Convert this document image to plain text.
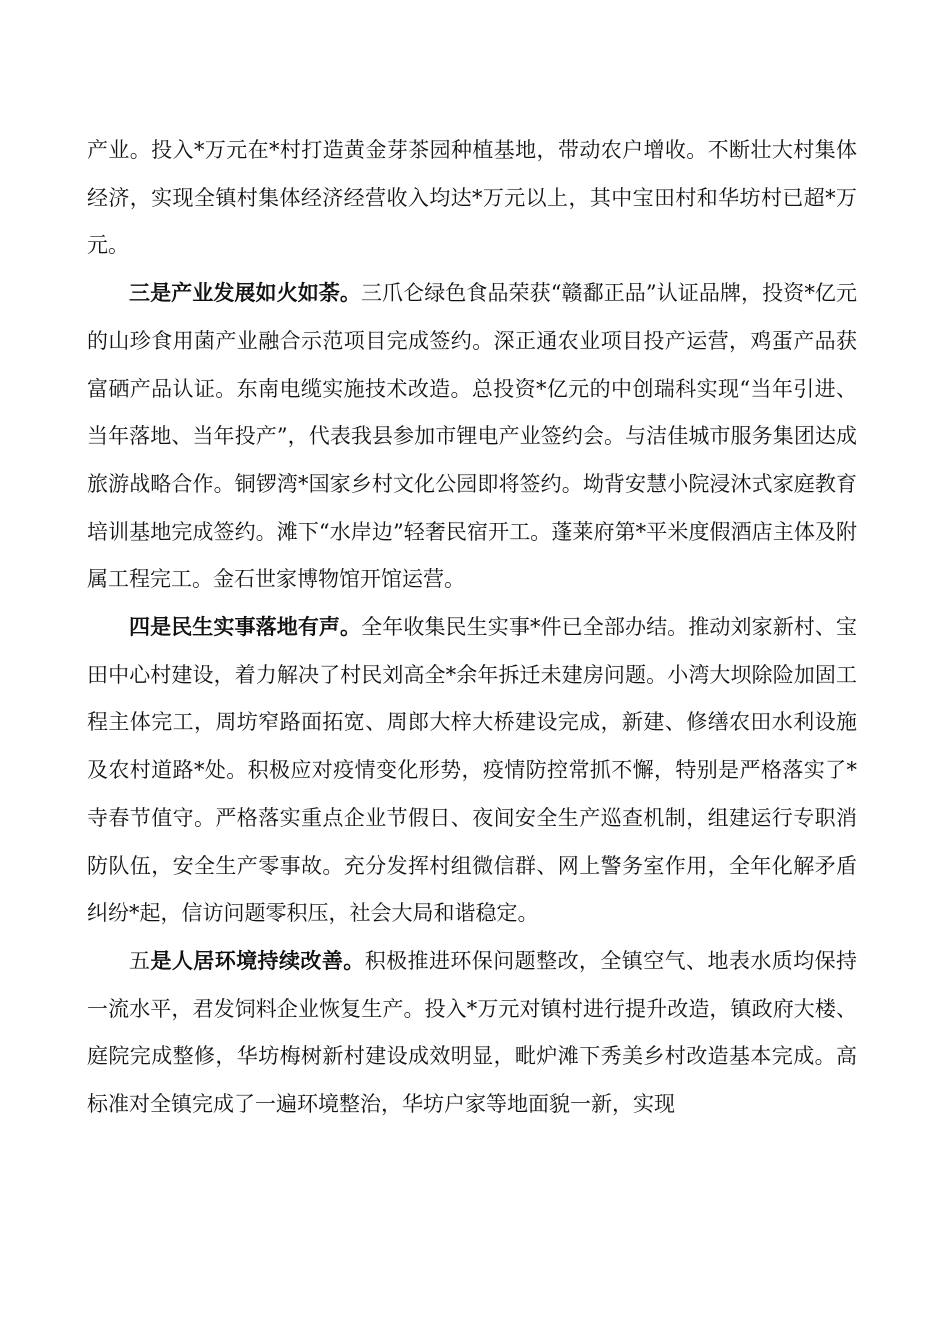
产业。投入*万元在*村打造黄金芽茶园种植基地，带动农户增收。不断壮大村集体经济，实现全镇村集体经济经营收入均达*万元以上，其中宝田村和华坊村已超*万元。

三是产业发展如火如荼。三爪仑绿色食品荣获“赣鄱正品”认证品牌，投资*亿元的山珍食用菌产业融合示范项目完成签约。深正通农业项目投产运营，鸡蛋产品获富硒产品认证。东南电缆实施技术改造。总投资*亿元的中创瑞科实现“当年引进、当年落地、当年投产”，代表我县参加市锂电产业签约会。与洁佳城市服务集团达成旅游战略合作。铜锣湾*国家乡村文化公园即将签约。坳背安慧小院浸沐式家庭教育培训基地完成签约。滩下“水岸边”轻奢民宿开工。蓬莱府第*平米度假酒店主体及附属工程完工。金石世家博物馆开馆运营。

四是民生实事落地有声。全年收集民生实事*件已全部办结。推动刘家新村、宝田中心村建设，着力解决了村民刘高全*余年拆迁未建房问题。小湾大坝除险加固工程主体完工，周坊窄路面拓宽、周郎大梓大桥建设完成，新建、修缮农田水利设施及农村道路*处。积极应对疫情变化形势，疫情防控常抓不懈，特别是严格落实了*寺春节值守。严格落实重点企业节假日、夜间安全生产巡查机制，组建运行专职消防队伍，安全生产零事故。充分发挥村组微信群、网上警务室作用，全年化解矛盾纠纷*起，信访问题零积压，社会大局和谐稳定。

五是人居环境持续改善。积极推进环保问题整改，全镇空气、地表水质均保持一流水平，君发饲料企业恢复生产。投入*万元对镇村进行提升改造，镇政府大楼、庭院完成整修，华坊梅树新村建设成效明显，毗炉滩下秀美乡村改造基本完成。高标准对全镇完成了一遍环境整治，华坊户家等地面貌一新，实现
